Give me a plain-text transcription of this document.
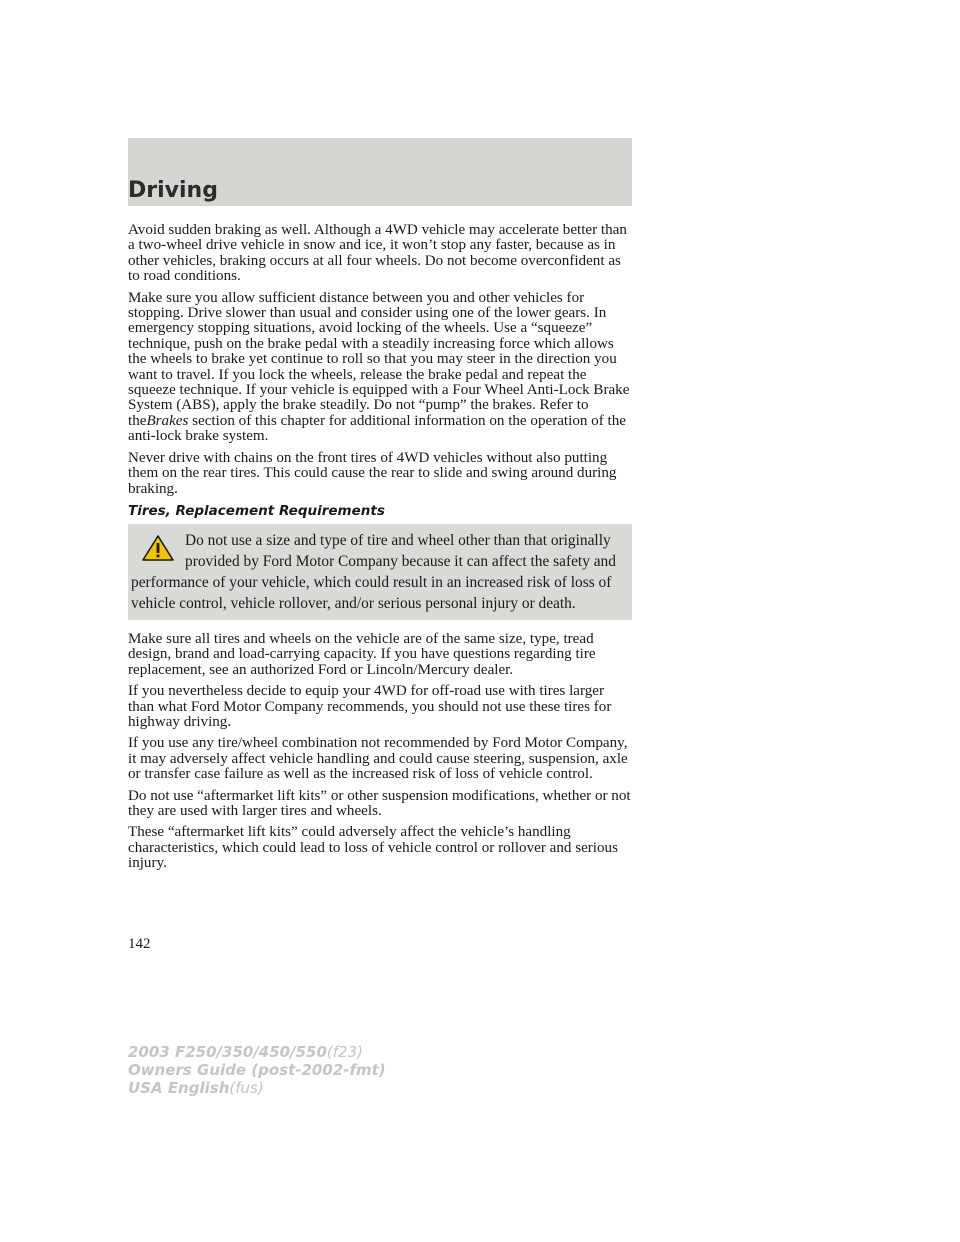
Driving

Avoid sudden braking as well. Although a 4WD vehicle may accelerate better than a two-wheel drive vehicle in snow and ice, it won’t stop any faster, because as in other vehicles, braking occurs at all four wheels. Do not become overconfident as to road conditions.

Make sure you allow sufficient distance between you and other vehicles for stopping. Drive slower than usual and consider using one of the lower gears. In emergency stopping situations, avoid locking of the wheels. Use a “squeeze” technique, push on the brake pedal with a steadily increasing force which allows the wheels to brake yet continue to roll so that you may steer in the direction you want to travel. If you lock the wheels, release the brake pedal and repeat the squeeze technique. If your vehicle is equipped with a Four Wheel Anti-Lock Brake System (ABS), apply the brake steadily. Do not “pump” the brakes. Refer to theBrakes section of this chapter for additional information on the operation of the anti-lock brake system.

Never drive with chains on the front tires of 4WD vehicles without also putting them on the rear tires. This could cause the rear to slide and swing around during braking.

Tires, Replacement Requirements
Do not use a size and type of tire and wheel other than that originally provided by Ford Motor Company because it can affect the safety and performance of your vehicle, which could result in an increased risk of loss of vehicle control, vehicle rollover, and/or serious personal injury or death.

Make sure all tires and wheels on the vehicle are of the same size, type, tread design, brand and load-carrying capacity. If you have questions regarding tire replacement, see an authorized Ford or Lincoln/Mercury dealer.

If you nevertheless decide to equip your 4WD for off-road use with tires larger than what Ford Motor Company recommends, you should not use these tires for highway driving.

If you use any tire/wheel combination not recommended by Ford Motor Company, it may adversely affect vehicle handling and could cause steering, suspension, axle or transfer case failure as well as the increased risk of loss of vehicle control.

Do not use “aftermarket lift kits” or other suspension modifications, whether or not they are used with larger tires and wheels.

These “aftermarket lift kits” could adversely affect the vehicle’s handling characteristics, which could lead to loss of vehicle control or rollover and serious injury.

142

2003 F250/350/450/550(f23)
Owners Guide (post-2002-fmt)
USA English(fus)
